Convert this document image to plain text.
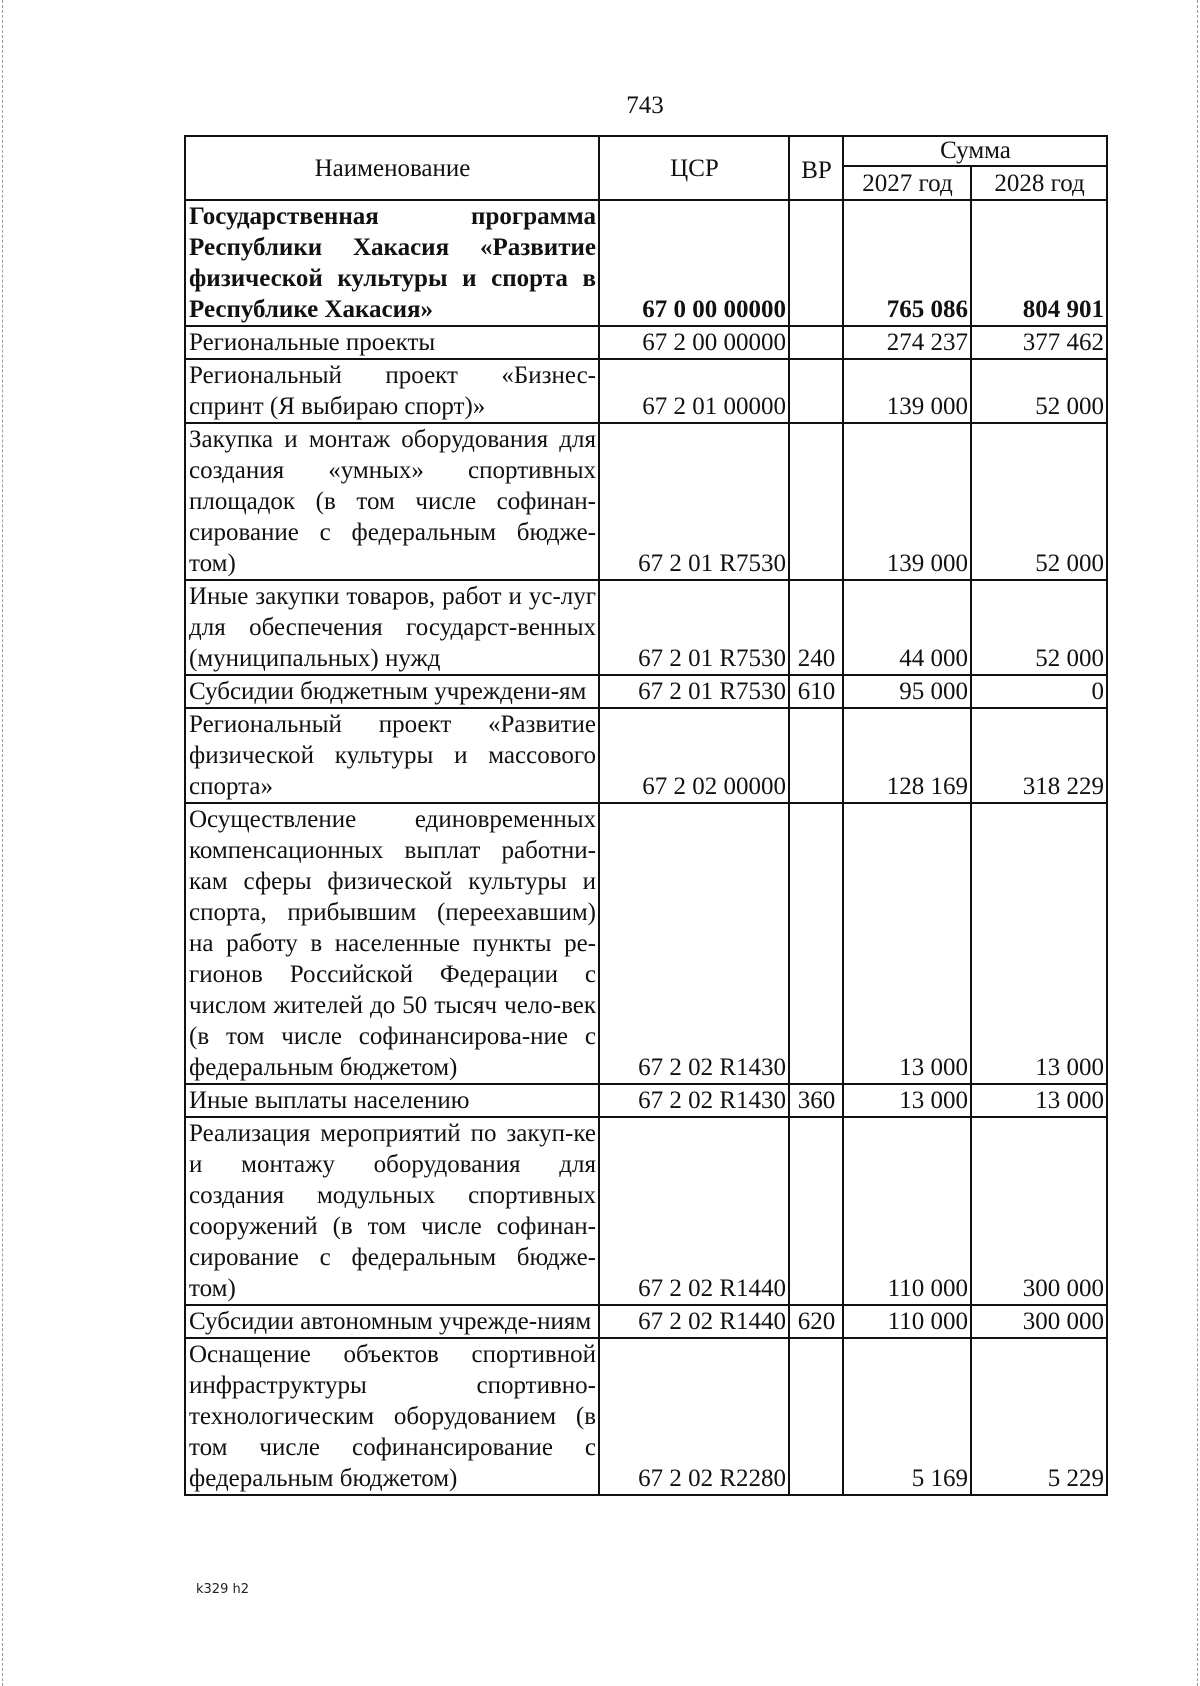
743
Наименование	ЦСР	ВР	Сумма	
			2027 год	2028 год
Государственная программа Республики Хакасия «Развитие физической культуры и спорта в Республике Хакасия»	67 0 00 00000		765 086	804 901
Региональные проекты	67 2 00 00000		274 237	377 462
Региональный проект «Бизнес-спринт (Я выбираю спорт)»	67 2 01 00000		139 000	52 000
Закупка и монтаж оборудования для создания «умных» спортивных площадок (в том числе софинан-сирование с федеральным бюдже-том)	67 2 01 R7530		139 000	52 000
Иные закупки товаров, работ и ус-луг для обеспечения государст-венных (муниципальных) нужд	67 2 01 R7530	240	44 000	52 000
Субсидии бюджетным учреждени-ям	67 2 01 R7530	610	95 000	0
Региональный проект «Развитие физической культуры и массового спорта»	67 2 02 00000		128 169	318 229
Осуществление единовременных компенсационных выплат работни-кам сферы физической культуры и спорта, прибывшим (переехавшим) на работу в населенные пункты ре-гионов Российской Федерации с числом жителей до 50 тысяч чело-век (в том числе софинансирова-ние с федеральным бюджетом)	67 2 02 R1430		13 000	13 000
Иные выплаты населению	67 2 02 R1430	360	13 000	13 000
Реализация мероприятий по закуп-ке и монтажу оборудования для создания модульных спортивных сооружений (в том числе софинан-сирование с федеральным бюдже-том)	67 2 02 R1440		110 000	300 000
Субсидии автономным учрежде-ниям	67 2 02 R1440	620	110 000	300 000
Оснащение объектов спортивной инфраструктуры спортивно-технологическим оборудованием (в том числе софинансирование с федеральным бюджетом)	67 2 02 R2280		5 169	5 229
k329 h2
